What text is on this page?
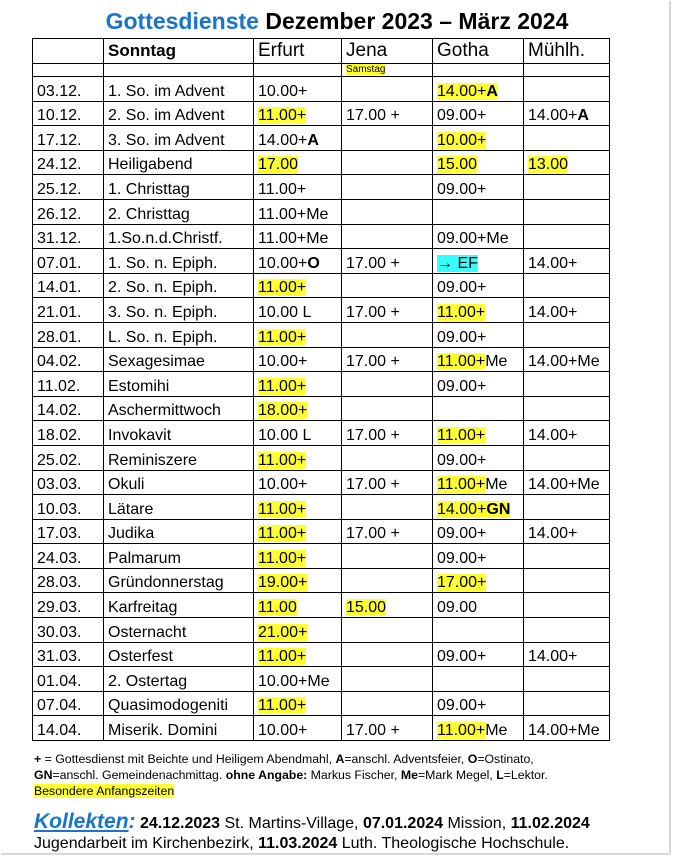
Gottesdienste Dezember 2023 – März 2024
	Sonntag	Erfurt	Jena	Gotha	Mühlh.
			Samstag		
03.12.	1. So. im Advent	10.00+		14.00+A	
10.12.	2. So. im Advent	11.00+	17.00 +	09.00+	14.00+A
17.12.	3. So. im Advent	14.00+A		10.00+	
24.12.	Heiligabend	17.00		15.00	13.00
25.12.	1. Christtag	11.00+		09.00+	
26.12.	2. Christtag	11.00+Me			
31.12.	1.So.n.d.Christf.	11.00+Me		09.00+Me	
07.01.	1. So. n. Epiph.	10.00+O	17.00 +	→ EF	14.00+
14.01.	2. So. n. Epiph.	11.00+		09.00+	
21.01.	3. So. n. Epiph.	10.00 L	17.00 +	11.00+	14.00+
28.01.	L. So. n. Epiph.	11.00+		09.00+	
04.02.	Sexagesimae	10.00+	17.00 +	11.00+Me	14.00+Me
11.02.	Estomihi	11.00+		09.00+	
14.02.	Aschermittwoch	18.00+			
18.02.	Invokavit	10.00 L	17.00 +	11.00+	14.00+
25.02.	Reminiszere	11.00+		09.00+	
03.03.	Okuli	10.00+	17.00 +	11.00+Me	14.00+Me
10.03.	Lätare	11.00+		14.00+GN	
17.03.	Judika	11.00+	17.00 +	09.00+	14.00+
24.03.	Palmarum	11.00+		09.00+	
28.03.	Gründonnerstag	19.00+		17.00+	
29.03.	Karfreitag	11.00	15.00	09.00	
30.03.	Osternacht	21.00+			
31.03.	Osterfest	11.00+		09.00+	14.00+
01.04.	2. Ostertag	10.00+Me			
07.04.	Quasimodogeniti	11.00+		09.00+	
14.04.	Miserik. Domini	10.00+	17.00 +	11.00+Me	14.00+Me
+ = Gottesdienst mit Beichte und Heiligem Abendmahl, A=anschl. Adventsfeier, O=Ostinato,
GN=anschl. Gemeindenachmittag. ohne Angabe: Markus Fischer, Me=Mark Megel, L=Lektor.
Besondere Anfangszeiten
Kollekten: 24.12.2023 St. Martins-Village, 07.01.2024 Mission, 11.02.2024
Jugendarbeit im Kirchenbezirk, 11.03.2024 Luth. Theologische Hochschule.
